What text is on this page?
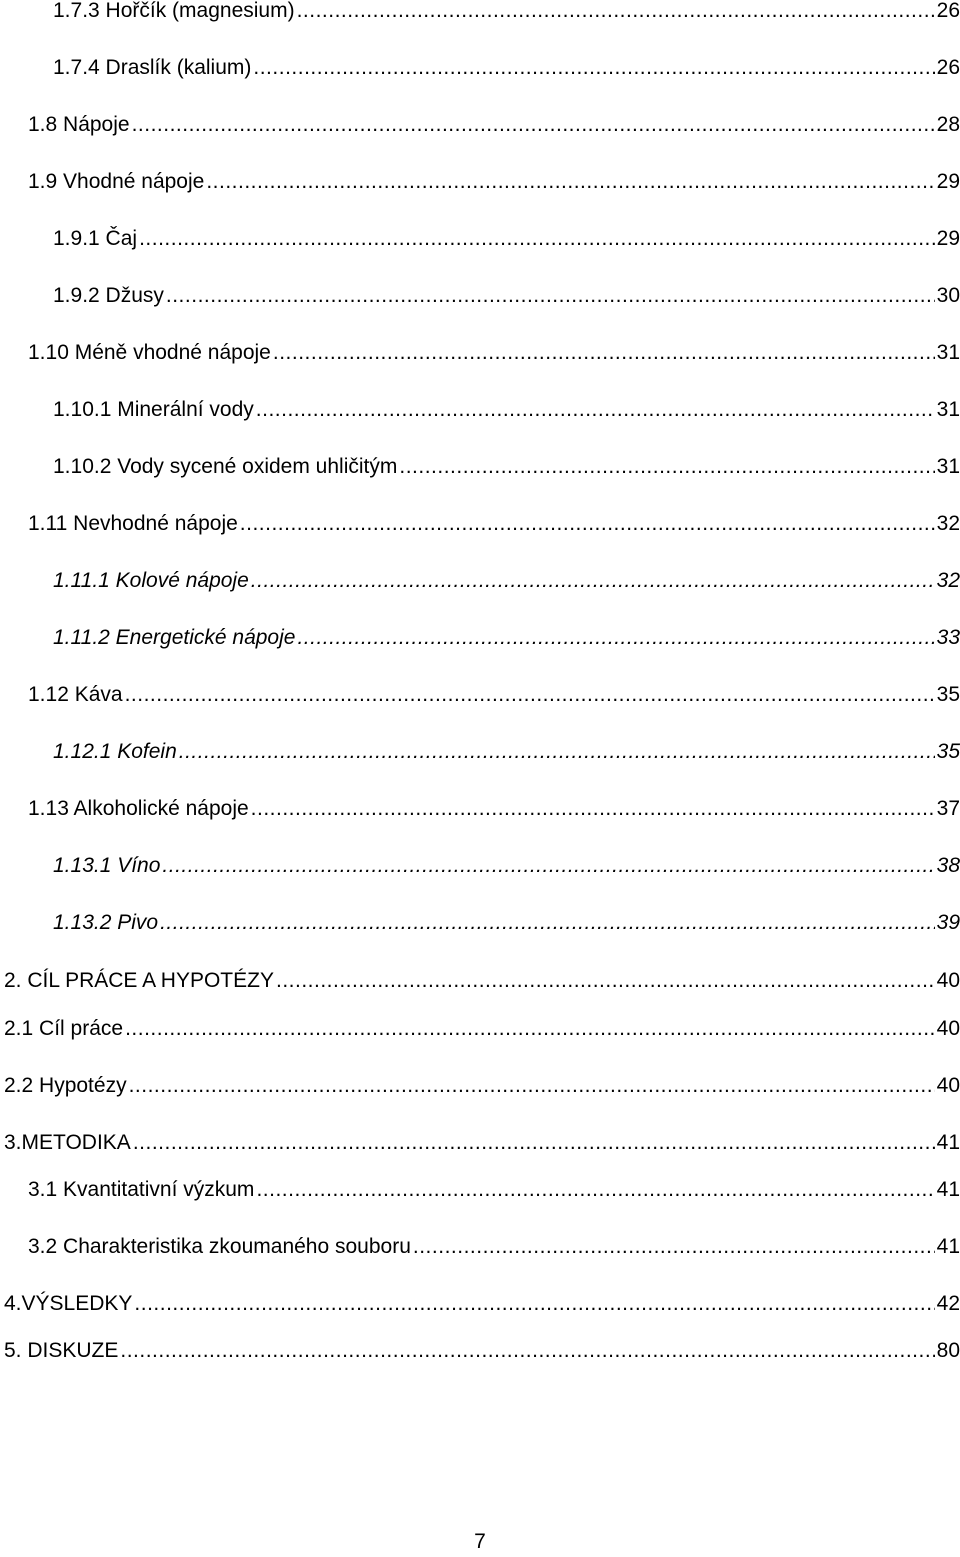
1.7.3 Hořčík (magnesium) .....	26
1.7.4 Draslík (kalium) .....	26
1.8 Nápoje .....	28
1.9 Vhodné nápoje .....	29
1.9.1 Čaj .....	29
1.9.2 Džusy .....	30
1.10 Méně vhodné nápoje .....	31
1.10.1 Minerální vody .....	31
1.10.2 Vody sycené oxidem uhličitým .....	31
1.11 Nevhodné nápoje .....	32
1.11.1 Kolové nápoje .....	32
1.11.2 Energetické nápoje .....	33
1.12 Káva .....	35
1.12.1 Kofein .....	35
1.13 Alkoholické nápoje .....	37
1.13.1 Víno .....	38
1.13.2 Pivo .....	39
2. CÍL PRÁCE A HYPOTÉZY .....	40
2.1 Cíl práce .....	40
2.2 Hypotézy .....	40
3.METODIKA .....	41
3.1 Kvantitativní výzkum .....	41
3.2 Charakteristika zkoumaného souboru .....	41
4.VÝSLEDKY .....	42
5. DISKUZE .....	80
7
